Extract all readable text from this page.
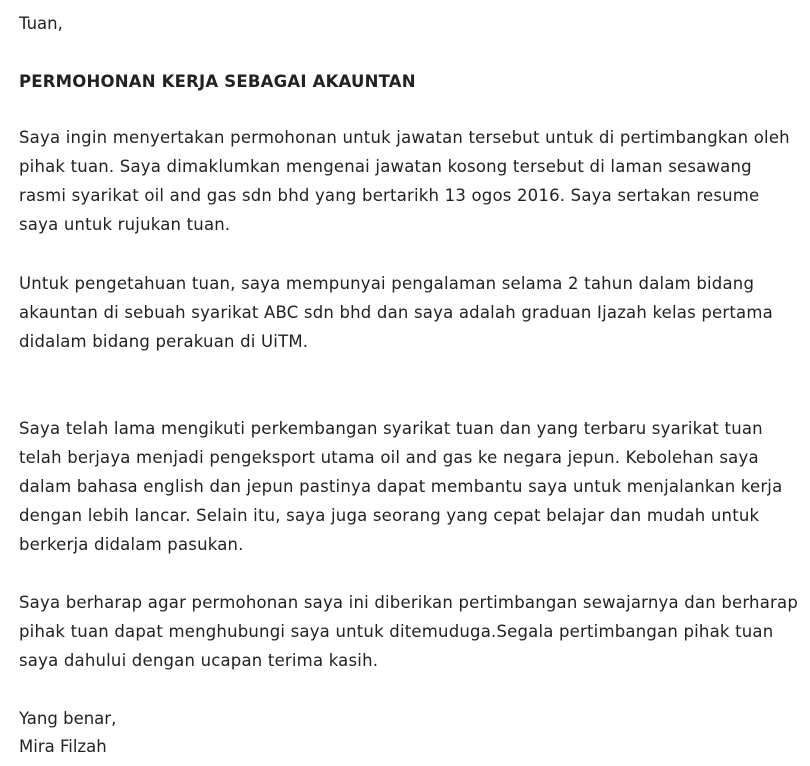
Tuan,
PERMOHONAN KERJA SEBAGAI AKAUNTAN
Saya ingin menyertakan permohonan untuk jawatan tersebut untuk di pertimbangkan oleh
pihak tuan. Saya dimaklumkan mengenai jawatan kosong tersebut di laman sesawang
rasmi syarikat oil and gas sdn bhd yang bertarikh 13 ogos 2016. Saya sertakan resume
saya untuk rujukan tuan.
Untuk pengetahuan tuan, saya mempunyai pengalaman selama 2 tahun dalam bidang
akauntan di sebuah syarikat ABC sdn bhd dan saya adalah graduan Ijazah kelas pertama
didalam bidang perakuan di UiTM.
Saya telah lama mengikuti perkembangan syarikat tuan dan yang terbaru syarikat tuan
telah berjaya menjadi pengeksport utama oil and gas ke negara jepun. Kebolehan saya
dalam bahasa english dan jepun pastinya dapat membantu saya untuk menjalankan kerja
dengan lebih lancar. Selain itu, saya juga seorang yang cepat belajar dan mudah untuk
berkerja didalam pasukan.
Saya berharap agar permohonan saya ini diberikan pertimbangan sewajarnya dan berharap
pihak tuan dapat menghubungi saya untuk ditemuduga.Segala pertimbangan pihak tuan
saya dahului dengan ucapan terima kasih.
Yang benar,
Mira Filzah
